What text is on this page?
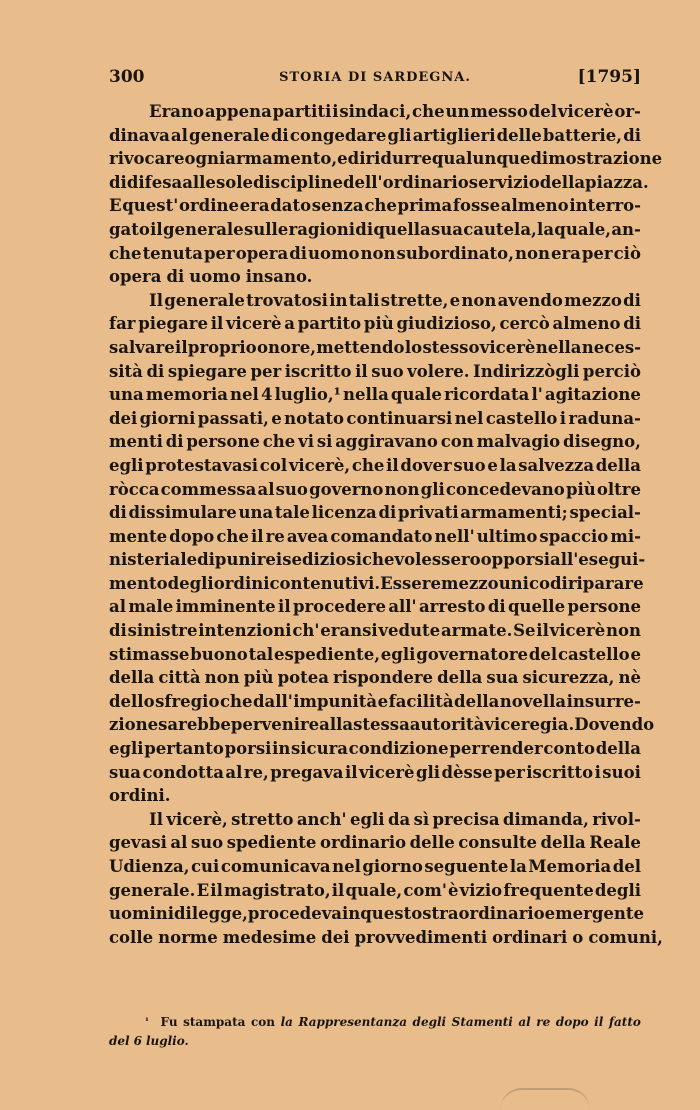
300	STORIA DI SARDEGNA.	[1795]
Erano appena partiti i sindaci, che un messo del vicerè or-
dinava al generale di congedare gli artiglieri delle batterie, di
rivocare ogni armamento, e di ridurre qualunque dimostrazione
di difesa alle sole discipline dell' ordinario servizio della piazza.
E quest' ordine era dato senza che prima fosse almeno interro-
gato il generale sulle ragioni di quella sua cautela, la quale, an-
che tenuta per opera di uomo non subordinato, non era per ciò
opera di uomo insano.
Il generale trovatosi in tali strette, e non avendo mezzo di
far piegare il vicerè a partito più giudizioso, cercò almeno di
salvare il proprio onore, mettendo lo stesso vicerè nella neces-
sità di spiegare per iscritto il suo volere. Indirizzògli perciò
una memoria nel 4 luglio,¹ nella quale ricordata l' agitazione
dei giorni passati, e notato continuarsi nel castello i raduna-
menti di persone che vi si aggiravano con malvagio disegno,
egli protestavasi col vicerè, che il dover suo e la salvezza della
ròcca commessa al suo governo non gli concedevano più oltre
di dissimulare una tale licenza di privati armamenti; special-
mente dopo che il re avea comandato nell' ultimo spaccio mi-
nisteriale di punire i sediziosi che volessero opporsi all' esegui-
mento degli ordini contenutivi. Essere mezzo unico di riparare
al male imminente il procedere all' arresto di quelle persone
di sinistre intenzioni ch' eransi vedute armate. Se il vicerè non
stimasse buono tal espediente, egli governatore del castello e
della città non più potea rispondere della sua sicurezza, nè
dello sfregio che dall' impunità e facilità della novella insurre-
zione sarebbe per venire alla stessa autorità viceregia. Dovendo
egli pertanto porsi in sicura condizione per render conto della
sua condotta al re, pregava il vicerè gli dèsse per iscritto i suoi
ordini.
Il vicerè, stretto anch' egli da sì precisa dimanda, rivol-
gevasi al suo spediente ordinario delle consulte della Reale
Udienza, cui comunicava nel giorno seguente la Memoria del
generale. E il magistrato, il quale, com' è vizio frequente degli
uomini di legge, procedeva in questo straordinario emergente
colle norme medesime dei provvedimenti ordinari o comuni,
¹ Fu stampata con la Rappresentanza degli Stamenti al re dopo il fatto
del 6 luglio.
